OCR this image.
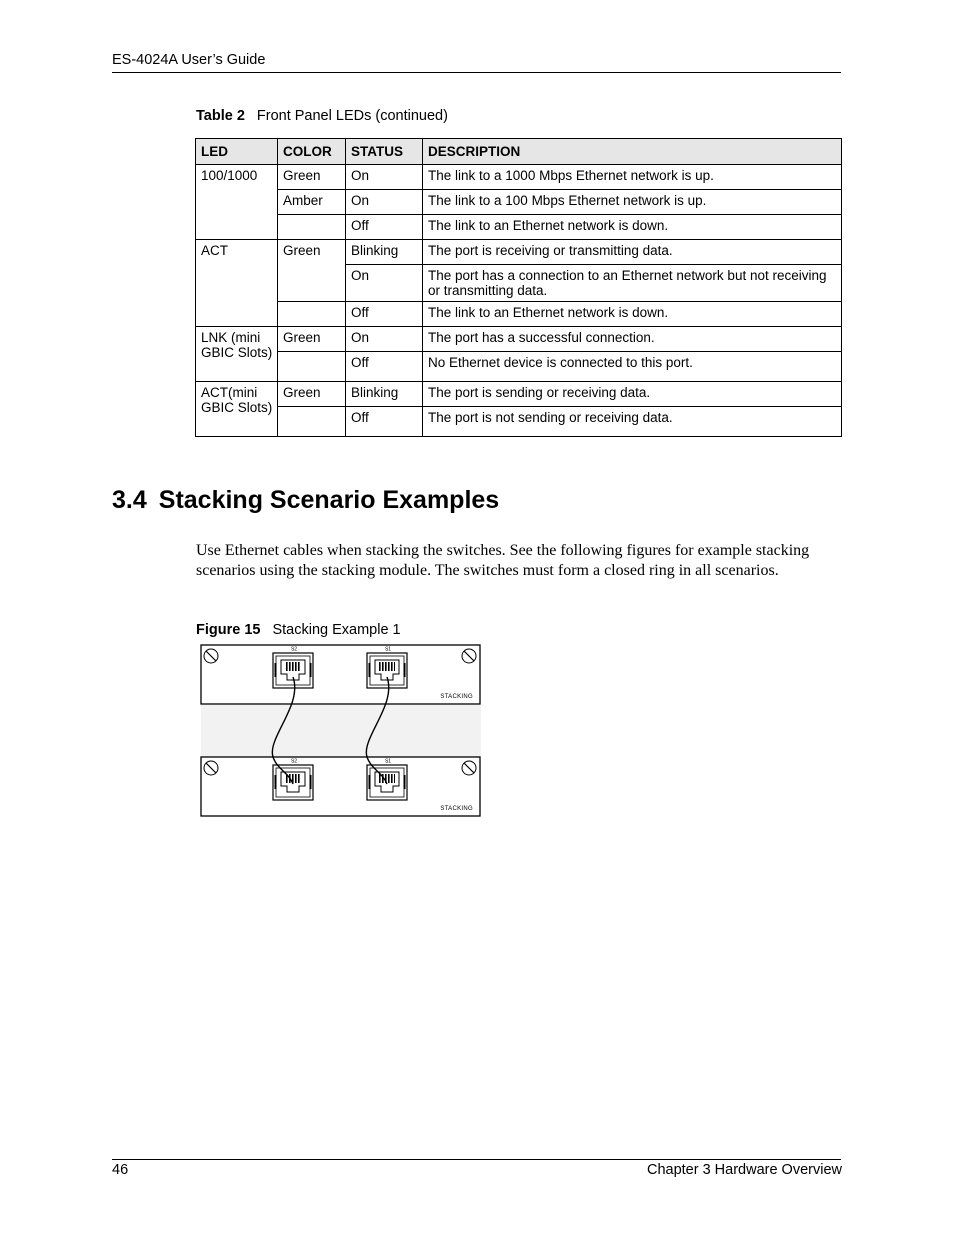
ES-4024A User’s Guide
Table 2 Front Panel LEDs (continued)
LED	COLOR	STATUS	DESCRIPTION
100/1000	Green	On	The link to a 1000 Mbps Ethernet network is up.
	Amber	On	The link to a 100 Mbps Ethernet network is up.
		Off	The link to an Ethernet network is down.
ACT	Green	Blinking	The port is receiving or transmitting data.
		On	The port has a connection to an Ethernet network but not receiving or transmitting data.
		Off	The link to an Ethernet network is down.
LNK (mini GBIC Slots)	Green	On	The port has a successful connection.
		Off	No Ethernet device is connected to this port.
ACT(mini GBIC Slots)	Green	Blinking	The port is sending or receiving data.
		Off	The port is not sending or receiving data.
3.4 Stacking Scenario Examples
Use Ethernet cables when stacking the switches. See the following figures for example stacking scenarios using the stacking module. The switches must form a closed ring in all scenarios.
Figure 15 Stacking Example 1
S2	S1
STACKING
S2	S1
STACKING
46	Chapter 3 Hardware Overview
